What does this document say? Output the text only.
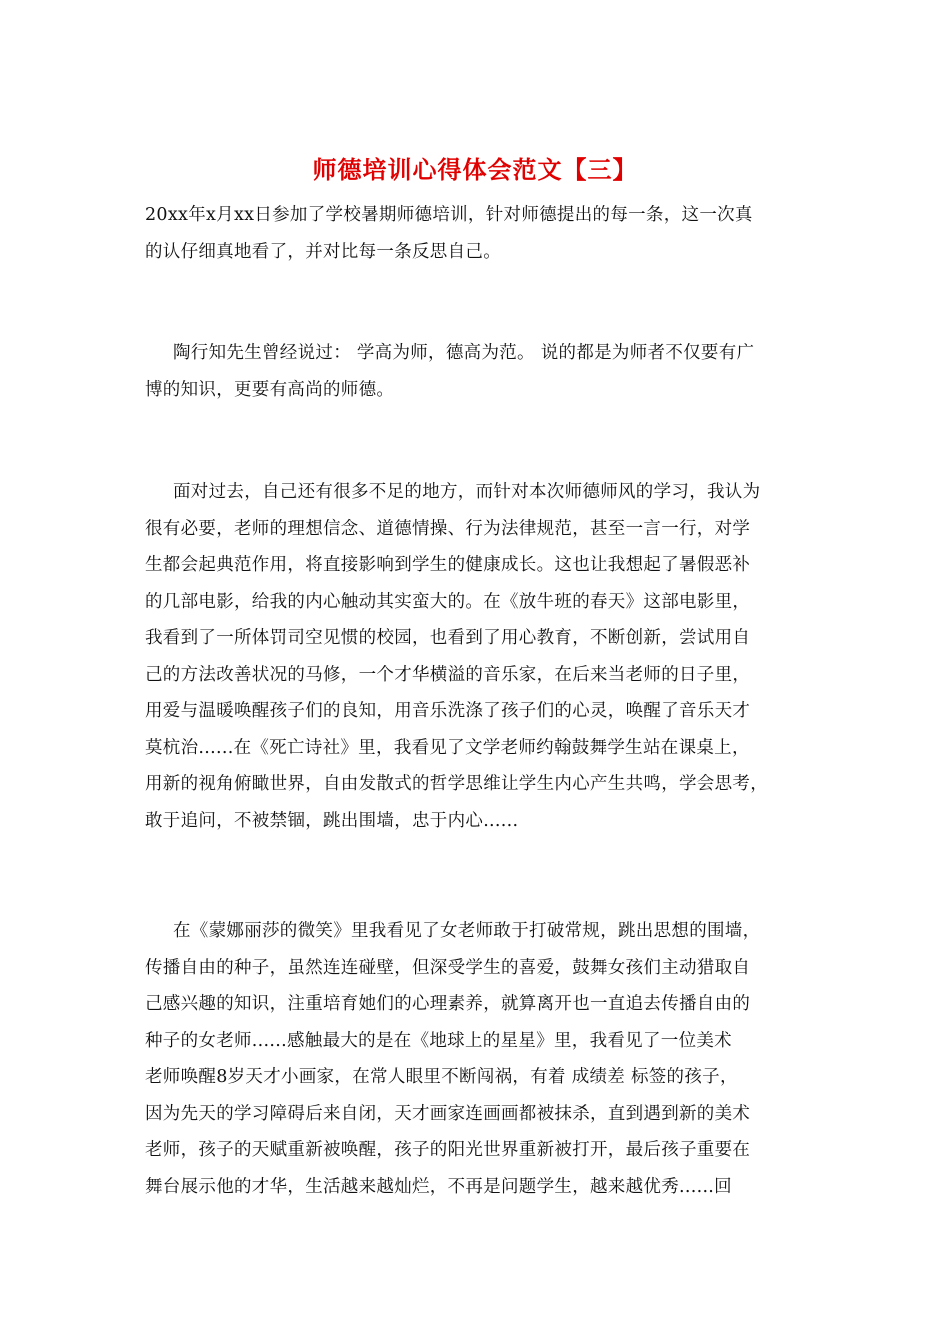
师德培训心得体会范文【三】
20xx年x月xx日参加了学校暑期师德培训，针对师德提出的每一条，这一次真
的认仔细真地看了，并对比每一条反思自己。
陶行知先生曾经说过： 学高为师，德高为范。 说的都是为师者不仅要有广
博的知识，更要有高尚的师德。
面对过去，自己还有很多不足的地方，而针对本次师德师风的学习，我认为
很有必要，老师的理想信念、道德情操、行为法律规范，甚至一言一行，对学
生都会起典范作用，将直接影响到学生的健康成长。这也让我想起了暑假恶补
的几部电影，给我的内心触动其实蛮大的。在《放牛班的春天》这部电影里，
我看到了一所体罚司空见惯的校园，也看到了用心教育，不断创新，尝试用自
己的方法改善状况的马修，一个才华横溢的音乐家，在后来当老师的日子里，
用爱与温暖唤醒孩子们的良知，用音乐洗涤了孩子们的心灵，唤醒了音乐天才
莫杭治......在《死亡诗社》里，我看见了文学老师约翰鼓舞学生站在课桌上，
用新的视角俯瞰世界，自由发散式的哲学思维让学生内心产生共鸣，学会思考，
敢于追问，不被禁锢，跳出围墙，忠于内心......
在《蒙娜丽莎的微笑》里我看见了女老师敢于打破常规，跳出思想的围墙，
传播自由的种子，虽然连连碰壁，但深受学生的喜爱，鼓舞女孩们主动猎取自
己感兴趣的知识，注重培育她们的心理素养，就算离开也一直追去传播自由的
种子的女老师......感触最大的是在《地球上的星星》里，我看见了一位美术
老师唤醒8岁天才小画家，在常人眼里不断闯祸，有着 成绩差 标签的孩子，
因为先天的学习障碍后来自闭，天才画家连画画都被抹杀，直到遇到新的美术
老师，孩子的天赋重新被唤醒，孩子的阳光世界重新被打开，最后孩子重要在
舞台展示他的才华，生活越来越灿烂，不再是问题学生，越来越优秀......回
